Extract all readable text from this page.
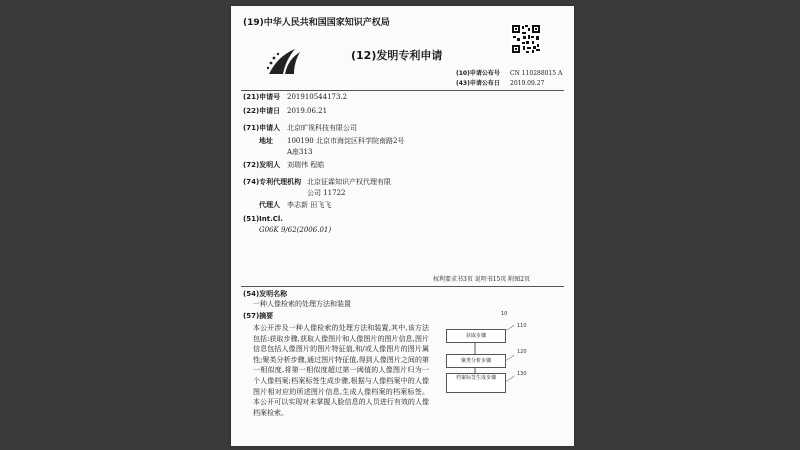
(19)中华人民共和国国家知识产权局
(12)发明专利申请
(10)申请公布号 CN 110288015 A
(43)申请公布日 2019.09.27
(21)申请号 201910544173.2
(22)申请日 2019.06.21
(71)申请人 北京旷视科技有限公司
地址 100190 北京市海淀区科学院南路2号
A座313
(72)发明人 刘瑞伟 程皓
(74)专利代理机构 北京征霖知识产权代理有限
公司 11722
代理人 李志新 田飞飞
(51)Int.Cl.
G06K 9/62(2006.01)
权利要求书3页 说明书15页 附图2页
(54)发明名称
一种人像检索的处理方法和装置
(57)摘要
本公开涉及一种人像检索的处理方法和装置,其中,该方法包括:获取步骤,获取人像图片和人像图片的图片信息,图片信息包括人像图片的图片特征值,和/或人像图片的图片属性;聚类分析步骤,通过图片特征值,得到人像图片之间的第一相似度,将第一相似度超过第一阈值的人像图片归为一个人像档案;档案标签生成步骤,根据与人像档案中的人像图片相对应的所述图片信息,生成人像档案的档案标签。本公开可以实现对未掌握人脸信息的人员进行有效的人像档案检索。
10
获取步骤
110
聚类分析步骤
120
档案标签生成步骤
130
